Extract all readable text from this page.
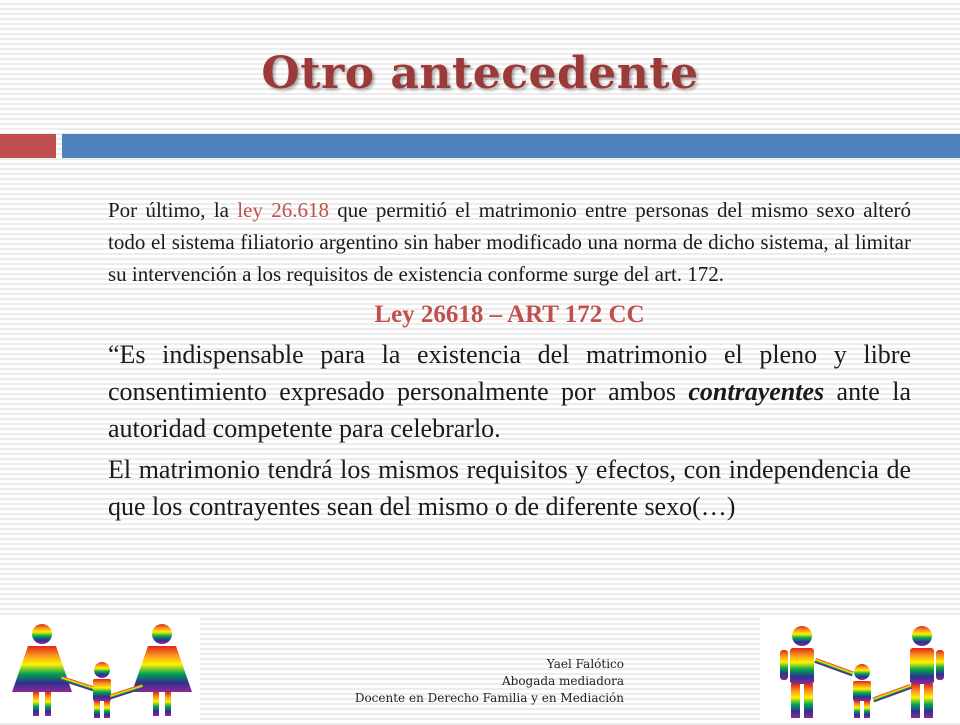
Otro antecedente

Por último, la ley 26.618 que permitió el matrimonio entre personas del mismo sexo alteró todo el sistema filiatorio argentino sin haber modificado una norma de dicho sistema, al limitar su intervención a los requisitos de existencia conforme surge del art. 172.

Ley 26618 – ART 172 CC

“Es indispensable para la existencia del matrimonio el pleno y libre consentimiento expresado personalmente por ambos contrayentes ante la autoridad competente para celebrarlo.

El matrimonio tendrá los mismos requisitos y efectos, con independencia de que los contrayentes sean del mismo o de diferente sexo(…)

Yael Falótico
Abogada mediadora
Docente en Derecho Familia y en Mediación
